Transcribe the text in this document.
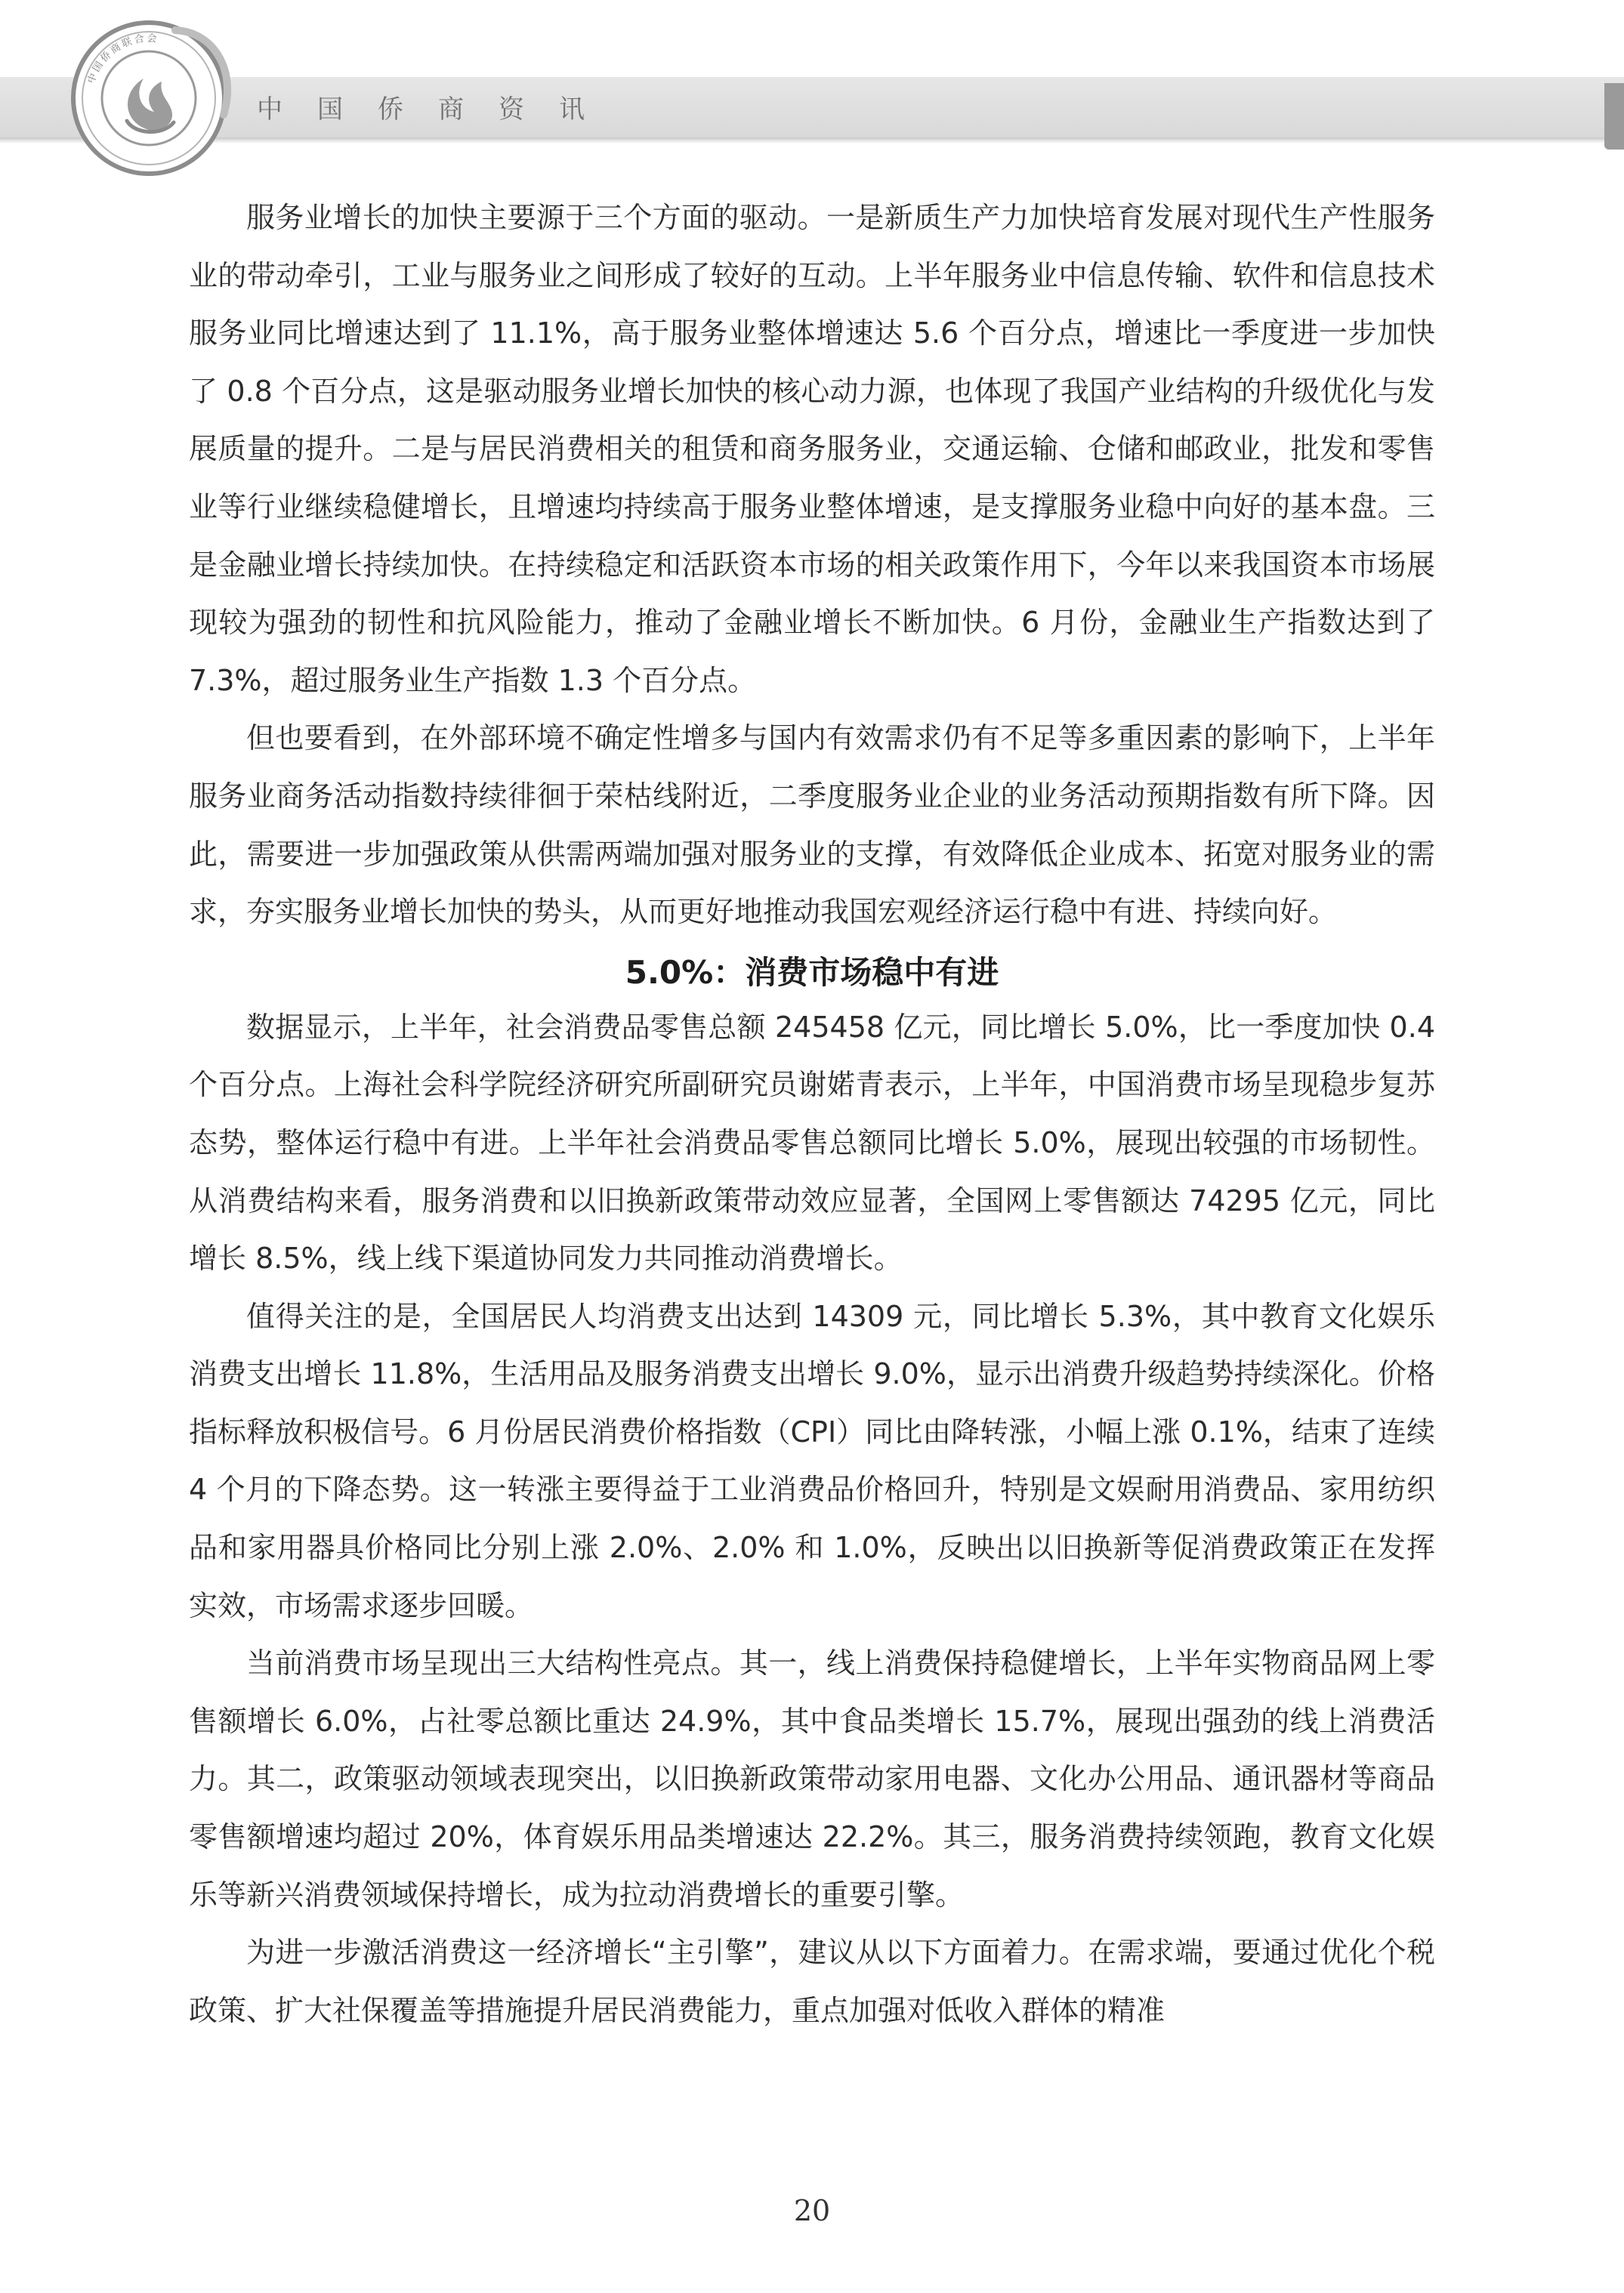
中国侨商联合会
中国侨商资讯

服务业增长的加快主要源于三个方面的驱动。一是新质生产力加快培育发展对现代生产性服务业的带动牵引，工业与服务业之间形成了较好的互动。上半年服务业中信息传输、软件和信息技术服务业同比增速达到了 11.1%，高于服务业整体增速达 5.6 个百分点，增速比一季度进一步加快了 0.8 个百分点，这是驱动服务业增长加快的核心动力源，也体现了我国产业结构的升级优化与发展质量的提升。二是与居民消费相关的租赁和商务服务业，交通运输、仓储和邮政业，批发和零售业等行业继续稳健增长，且增速均持续高于服务业整体增速，是支撑服务业稳中向好的基本盘。三是金融业增长持续加快。在持续稳定和活跃资本市场的相关政策作用下，今年以来我国资本市场展现较为强劲的韧性和抗风险能力，推动了金融业增长不断加快。6 月份，金融业生产指数达到了 7.3%，超过服务业生产指数 1.3 个百分点。

但也要看到，在外部环境不确定性增多与国内有效需求仍有不足等多重因素的影响下，上半年服务业商务活动指数持续徘徊于荣枯线附近，二季度服务业企业的业务活动预期指数有所下降。因此，需要进一步加强政策从供需两端加强对服务业的支撑，有效降低企业成本、拓宽对服务业的需求，夯实服务业增长加快的势头，从而更好地推动我国宏观经济运行稳中有进、持续向好。

5.0%：消费市场稳中有进

数据显示，上半年，社会消费品零售总额 245458 亿元，同比增长 5.0%，比一季度加快 0.4 个百分点。上海社会科学院经济研究所副研究员谢婼青表示，上半年，中国消费市场呈现稳步复苏态势，整体运行稳中有进。上半年社会消费品零售总额同比增长 5.0%，展现出较强的市场韧性。从消费结构来看，服务消费和以旧换新政策带动效应显著，全国网上零售额达 74295 亿元，同比增长 8.5%，线上线下渠道协同发力共同推动消费增长。

值得关注的是，全国居民人均消费支出达到 14309 元，同比增长 5.3%，其中教育文化娱乐消费支出增长 11.8%，生活用品及服务消费支出增长 9.0%，显示出消费升级趋势持续深化。价格指标释放积极信号。6 月份居民消费价格指数（CPI）同比由降转涨，小幅上涨 0.1%，结束了连续 4 个月的下降态势。这一转涨主要得益于工业消费品价格回升，特别是文娱耐用消费品、家用纺织品和家用器具价格同比分别上涨 2.0%、2.0% 和 1.0%，反映出以旧换新等促消费政策正在发挥实效，市场需求逐步回暖。

当前消费市场呈现出三大结构性亮点。其一，线上消费保持稳健增长，上半年实物商品网上零售额增长 6.0%，占社零总额比重达 24.9%，其中食品类增长 15.7%，展现出强劲的线上消费活力。其二，政策驱动领域表现突出，以旧换新政策带动家用电器、文化办公用品、通讯器材等商品零售额增速均超过 20%，体育娱乐用品类增速达 22.2%。其三，服务消费持续领跑，教育文化娱乐等新兴消费领域保持增长，成为拉动消费增长的重要引擎。

为进一步激活消费这一经济增长“主引擎”，建议从以下方面着力。在需求端，要通过优化个税政策、扩大社保覆盖等措施提升居民消费能力，重点加强对低收入群体的精准

20
